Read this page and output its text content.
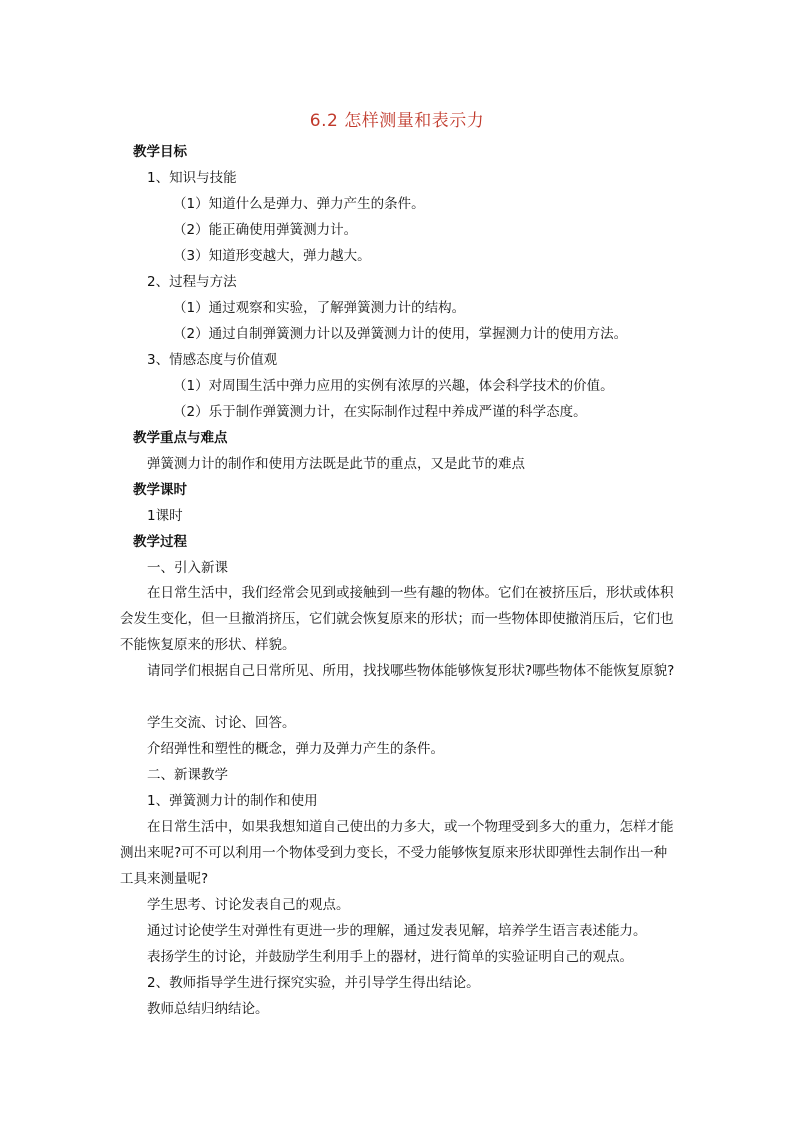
6.2 怎样测量和表示力
教学目标
1、知识与技能
（1）知道什么是弹力、弹力产生的条件。
（2）能正确使用弹簧测力计。
（3）知道形变越大，弹力越大。
2、过程与方法
（1）通过观察和实验，了解弹簧测力计的结构。
（2）通过自制弹簧测力计以及弹簧测力计的使用，掌握测力计的使用方法。
3、情感态度与价值观
（1）对周围生活中弹力应用的实例有浓厚的兴趣，体会科学技术的价值。
（2）乐于制作弹簧测力计，在实际制作过程中养成严谨的科学态度。
教学重点与难点
弹簧测力计的制作和使用方法既是此节的重点，又是此节的难点
教学课时
1课时
教学过程
一、引入新课
在日常生活中，我们经常会见到或接触到一些有趣的物体。它们在被挤压后，形状或体积会发生变化，但一旦撤消挤压，它们就会恢复原来的形状；而一些物体即使撤消压后，它们也不能恢复原来的形状、样貌。
请同学们根据自己日常所见、所用，找找哪些物体能够恢复形状?哪些物体不能恢复原貌?
学生交流、讨论、回答。
介绍弹性和塑性的概念，弹力及弹力产生的条件。
二、新课教学
1、弹簧测力计的制作和使用
在日常生活中，如果我想知道自己使出的力多大，或一个物理受到多大的重力，怎样才能测出来呢?可不可以利用一个物体受到力变长，不受力能够恢复原来形状即弹性去制作出一种工具来测量呢?
学生思考、讨论发表自己的观点。
通过讨论使学生对弹性有更进一步的理解，通过发表见解，培养学生语言表述能力。
表扬学生的讨论，并鼓励学生利用手上的器材，进行简单的实验证明自己的观点。
2、教师指导学生进行探究实验，并引导学生得出结论。
教师总结归纳结论。
